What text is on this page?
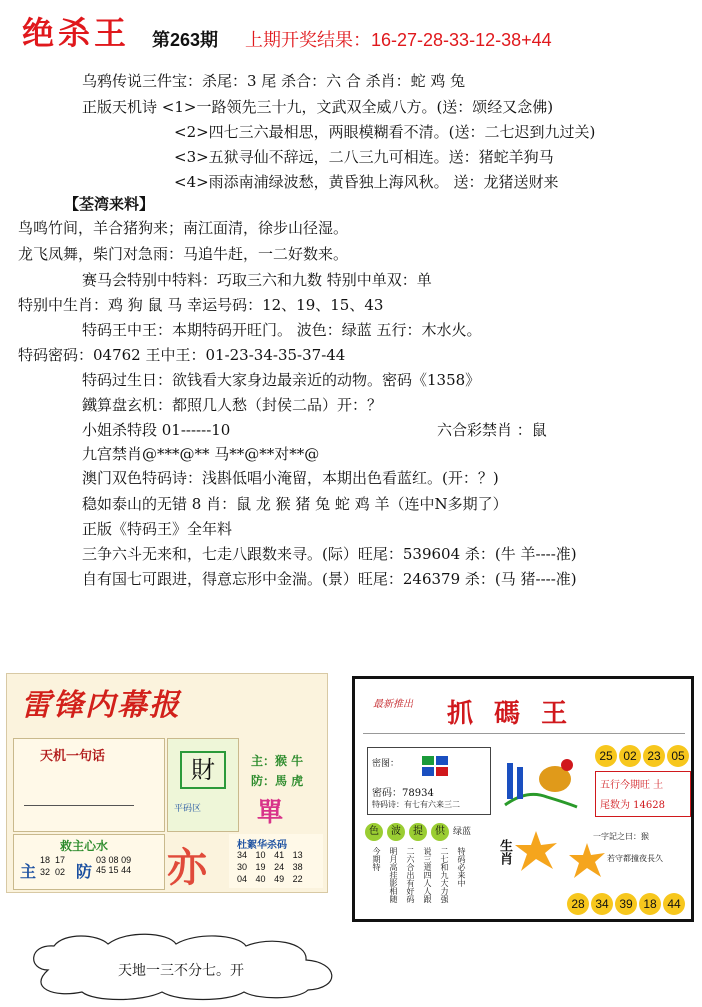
绝杀王 第263期 上期开奖结果：16-27-28-33-12-38+44
乌鸦传说三件宝：杀尾：3 尾 杀合：六 合 杀肖：蛇 鸡 兔
正版天机诗 <1>一路领先三十九，文武双全威八方。(送：颂经又念佛)
<2>四七三六最相思，两眼模糊看不清。(送：二七迟到九过关)
<3>五狱寻仙不辞远，二八三九可相连。送：猪蛇羊狗马
<4>雨添南浦绿波愁，黄昏独上海风秋。 送：龙猪送财来
【荃湾来料】
鸟鸣竹间，羊合猪狗来；南江面清，徐步山径湿。
龙飞凤舞，柴门对急雨：马追牛赶，一二好数来。
赛马会特别中特料：巧取三六和九数 特别中单双：单
特别中生肖：鸡 狗 鼠 马 幸运号码：12、19、15、43
特码王中王：本期特码开旺门。 波色：绿蓝 五行：木水火。
特码密码：04762 王中王：01-23-34-35-37-44
特码过生日：欲钱看大家身边最亲近的动物。密码《1358》
鐵算盘玄机：都照几人愁（封侯二品）开：？
小姐杀特段 01------10	六合彩禁肖 ：鼠
九宫禁肖@***@** 马**@**对**@
澳门双色特码诗：浅斟低唱小淹留，本期出色看蓝红。(开：？)
稳如泰山的无错 8 肖：鼠 龙 猴 猪 兔 蛇 鸡 羊（连中N多期了）
正版《特码王》全年料
三争六斗无来和，七走八跟数来寻。(际）旺尾：539604 杀：(牛 羊----准)
自有国七可跟进，得意忘形中金湍。(景）旺尾：246379 杀：(马 猪----准)
雷锋内幕报
天机一句话	財
平码区
主：猴 牛
防：馬 虎
單
救主心水
主 防
18 17
32 02
03 08 09
45 15 44 亦	杜絮华杀码
34 10 41 13
30 19 24 38
04 40 49 22
最新推出 抓 碼 王
密图：
密码：78934
特码诗：有七有六来三二
25 02 23 05
五行今期旺 土
尾数为 14628
色	波	提	供 绿蓝
今期特 明月高挂影相随 二六合出有好码 说三道四人人跟 二七和九大力强 特码必来中 生肖
一字記之曰：猴
若守都撞夜長久
28 34 39 18 44
天地一三不分七。开
